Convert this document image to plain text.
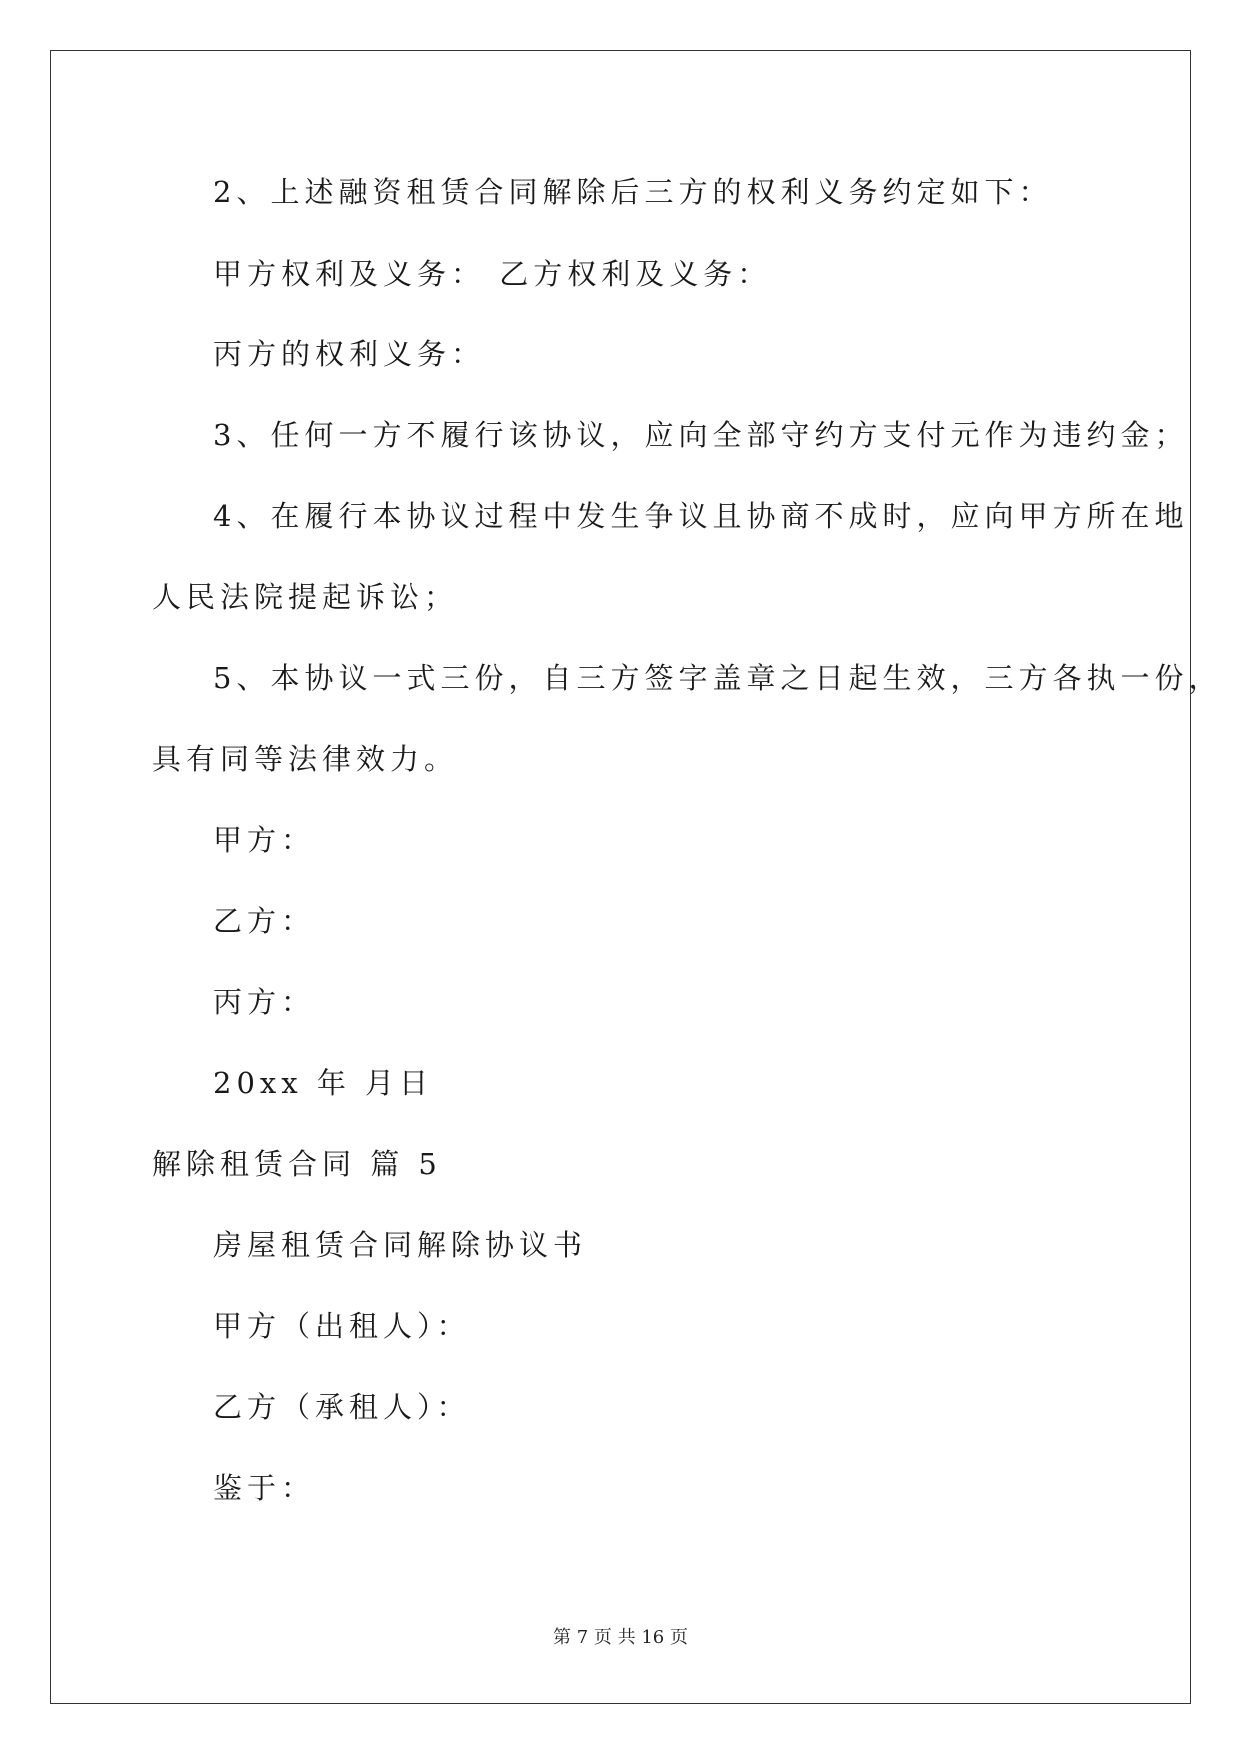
2、上述融资租赁合同解除后三方的权利义务约定如下：
甲方权利及义务： 乙方权利及义务：
丙方的权利义务：
3、任何一方不履行该协议，应向全部守约方支付元作为违约金；
4、在履行本协议过程中发生争议且协商不成时，应向甲方所在地
人民法院提起诉讼；
5、本协议一式三份，自三方签字盖章之日起生效，三方各执一份，
具有同等法律效力。
甲方：
乙方：
丙方：
20xx 年 月日
解除租赁合同 篇 5
房屋租赁合同解除协议书
甲方（出租人）：
乙方（承租人）：
鉴于：
第 7 页 共 16 页
